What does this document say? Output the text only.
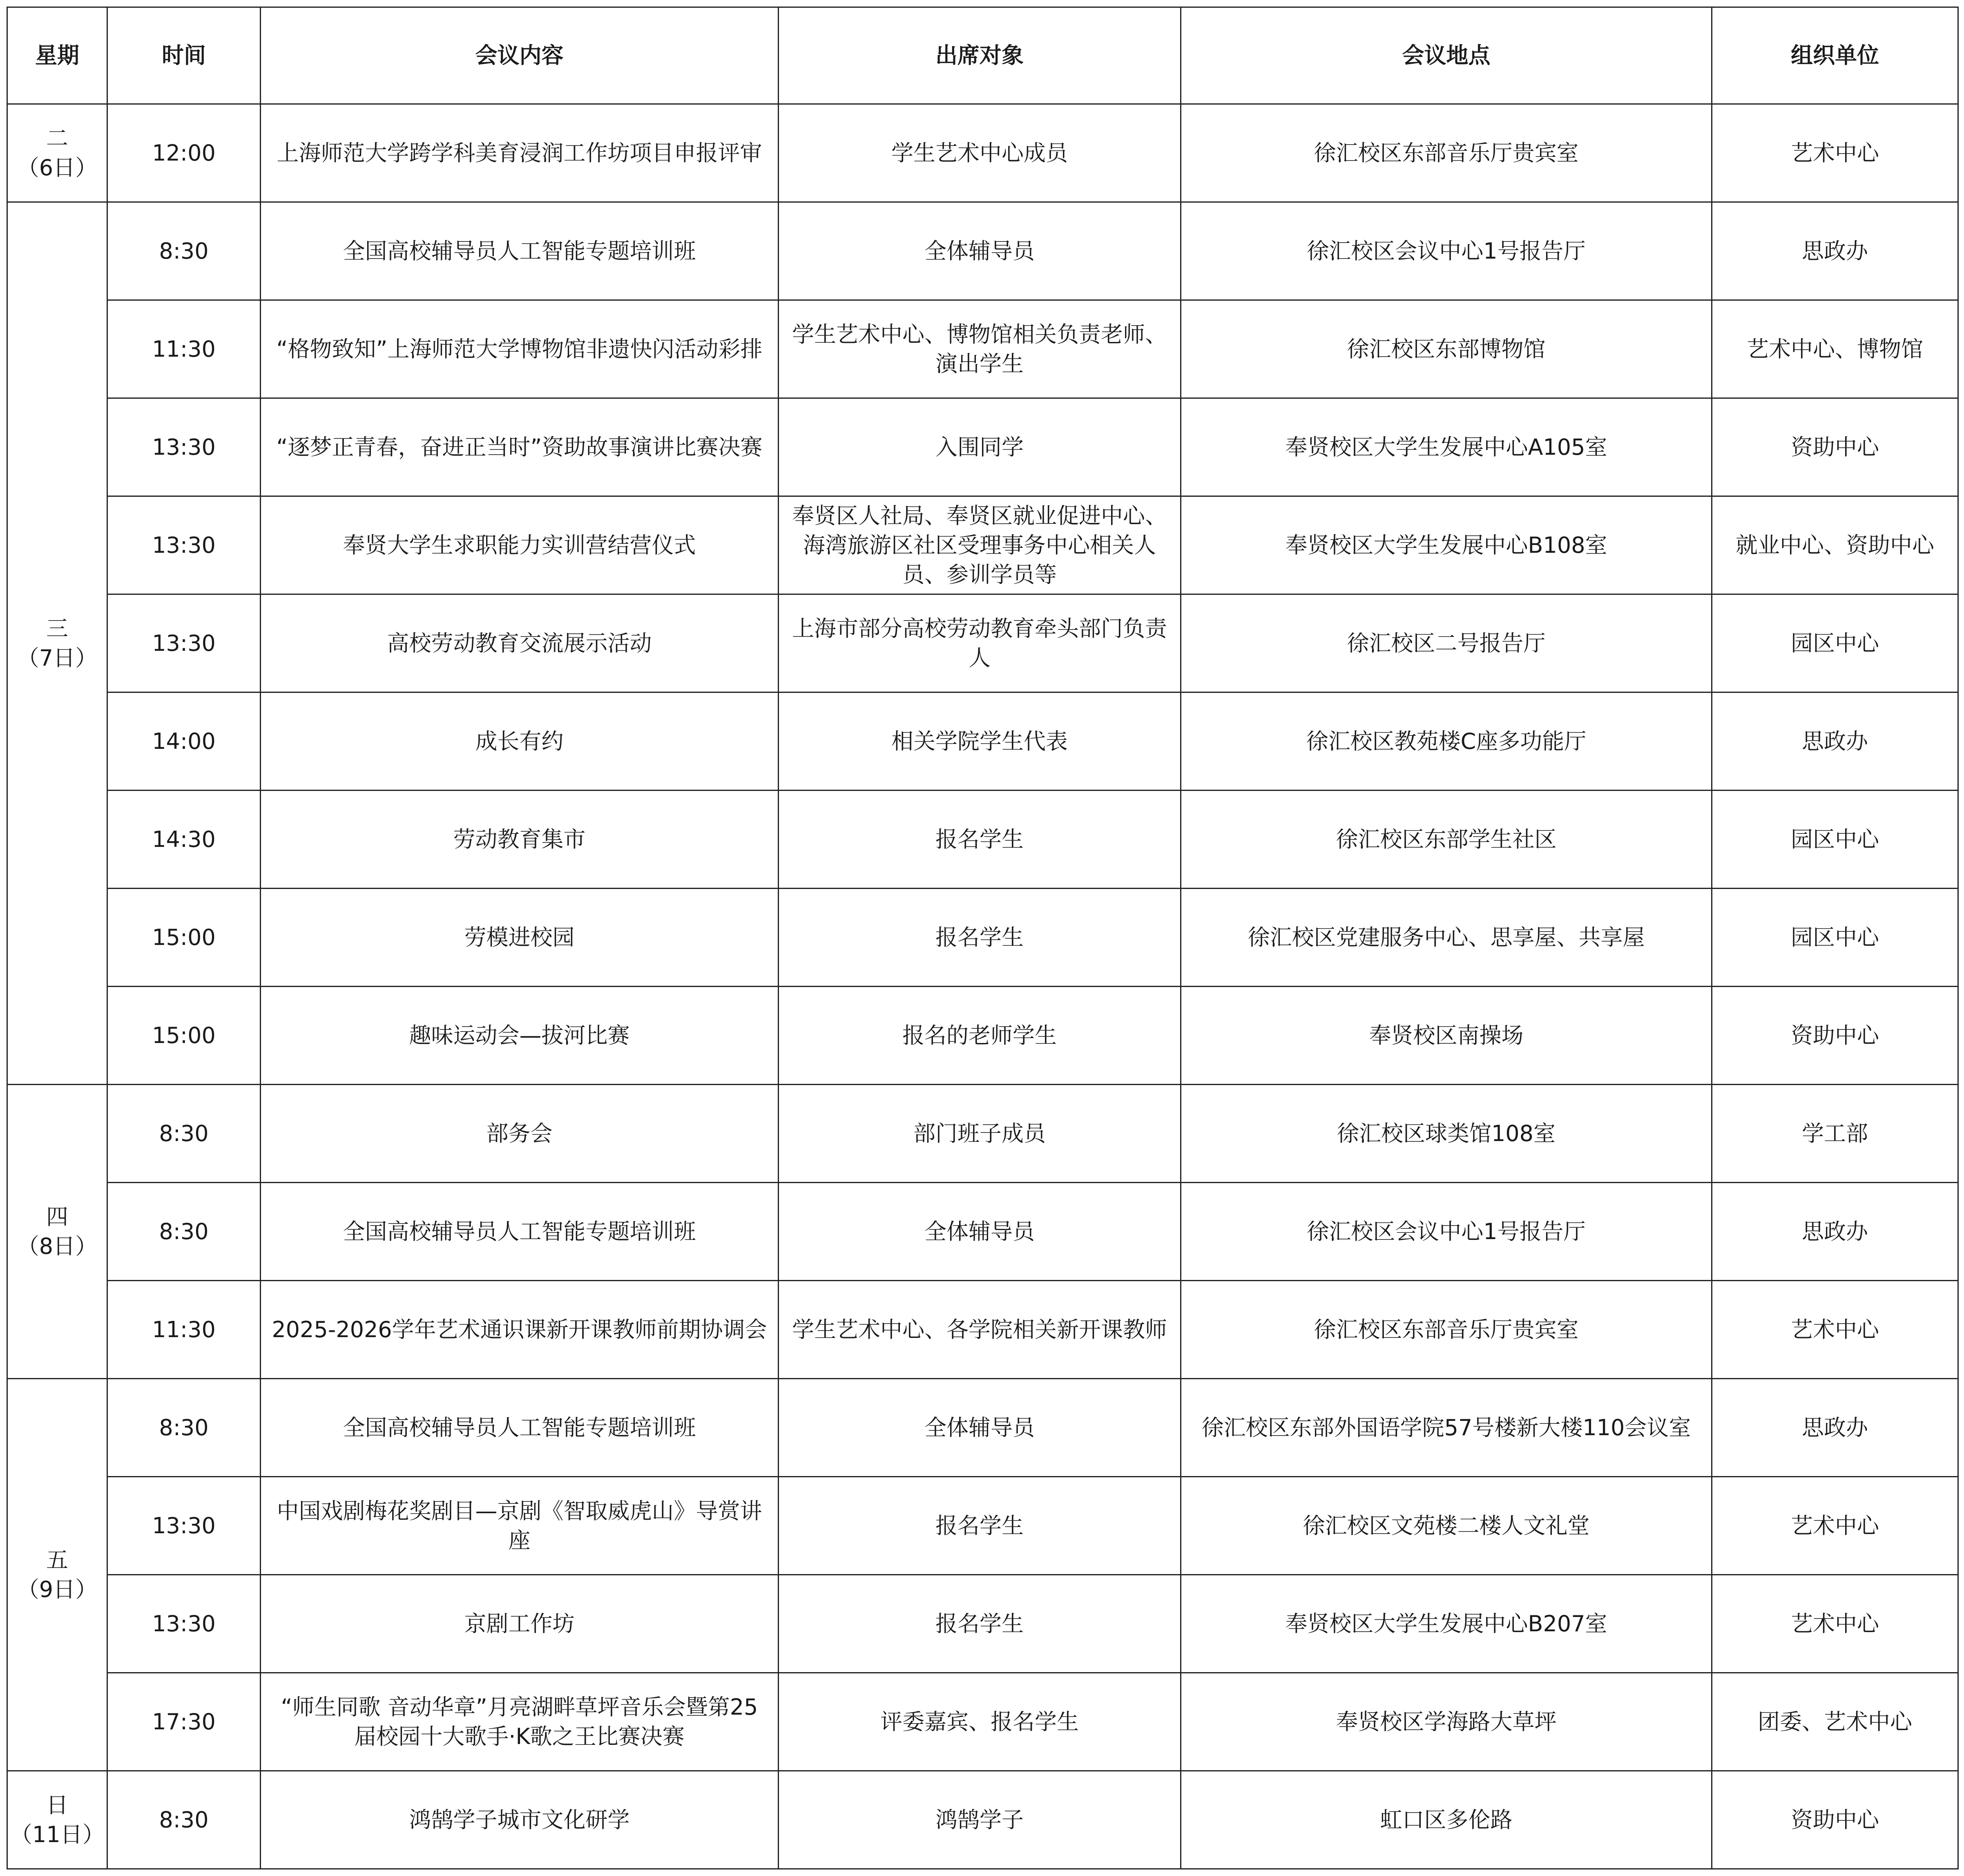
星期	时间	会议内容	出席对象	会议地点	组织单位

二
（6日）	12:00	上海师范大学跨学科美育浸润工作坊项目申报评审	学生艺术中心成员	徐汇校区东部音乐厅贵宾室	艺术中心

三
（7日）	8:30	全国高校辅导员人工智能专题培训班	全体辅导员	徐汇校区会议中心1号报告厅	思政办
	11:30	“格物致知”上海师范大学博物馆非遗快闪活动彩排	学生艺术中心、博物馆相关负责老师、演出学生	徐汇校区东部博物馆	艺术中心、博物馆
	13:30	“逐梦正青春，奋进正当时”资助故事演讲比赛决赛	入围同学	奉贤校区大学生发展中心A105室	资助中心
	13:30	奉贤大学生求职能力实训营结营仪式	奉贤区人社局、奉贤区就业促进中心、海湾旅游区社区受理事务中心相关人员、参训学员等	奉贤校区大学生发展中心B108室	就业中心、资助中心
	13:30	高校劳动教育交流展示活动	上海市部分高校劳动教育牵头部门负责人	徐汇校区二号报告厅	园区中心
	14:00	成长有约	相关学院学生代表	徐汇校区教苑楼C座多功能厅	思政办
	14:30	劳动教育集市	报名学生	徐汇校区东部学生社区	园区中心
	15:00	劳模进校园	报名学生	徐汇校区党建服务中心、思享屋、共享屋	园区中心
	15:00	趣味运动会—拔河比赛	报名的老师学生	奉贤校区南操场	资助中心

四
（8日）	8:30	部务会	部门班子成员	徐汇校区球类馆108室	学工部
	8:30	全国高校辅导员人工智能专题培训班	全体辅导员	徐汇校区会议中心1号报告厅	思政办
	11:30	2025-2026学年艺术通识课新开课教师前期协调会	学生艺术中心、各学院相关新开课教师	徐汇校区东部音乐厅贵宾室	艺术中心

五
（9日）	8:30	全国高校辅导员人工智能专题培训班	全体辅导员	徐汇校区东部外国语学院57号楼新大楼110会议室	思政办
	13:30	中国戏剧梅花奖剧目—京剧《智取威虎山》导赏讲座	报名学生	徐汇校区文苑楼二楼人文礼堂	艺术中心
	13:30	京剧工作坊	报名学生	奉贤校区大学生发展中心B207室	艺术中心
	17:30	“师生同歌 音动华章”月亮湖畔草坪音乐会暨第25届校园十大歌手·K歌之王比赛决赛	评委嘉宾、报名学生	奉贤校区学海路大草坪	团委、艺术中心

日
（11日）	8:30	鸿鹄学子城市文化研学	鸿鹄学子	虹口区多伦路	资助中心
